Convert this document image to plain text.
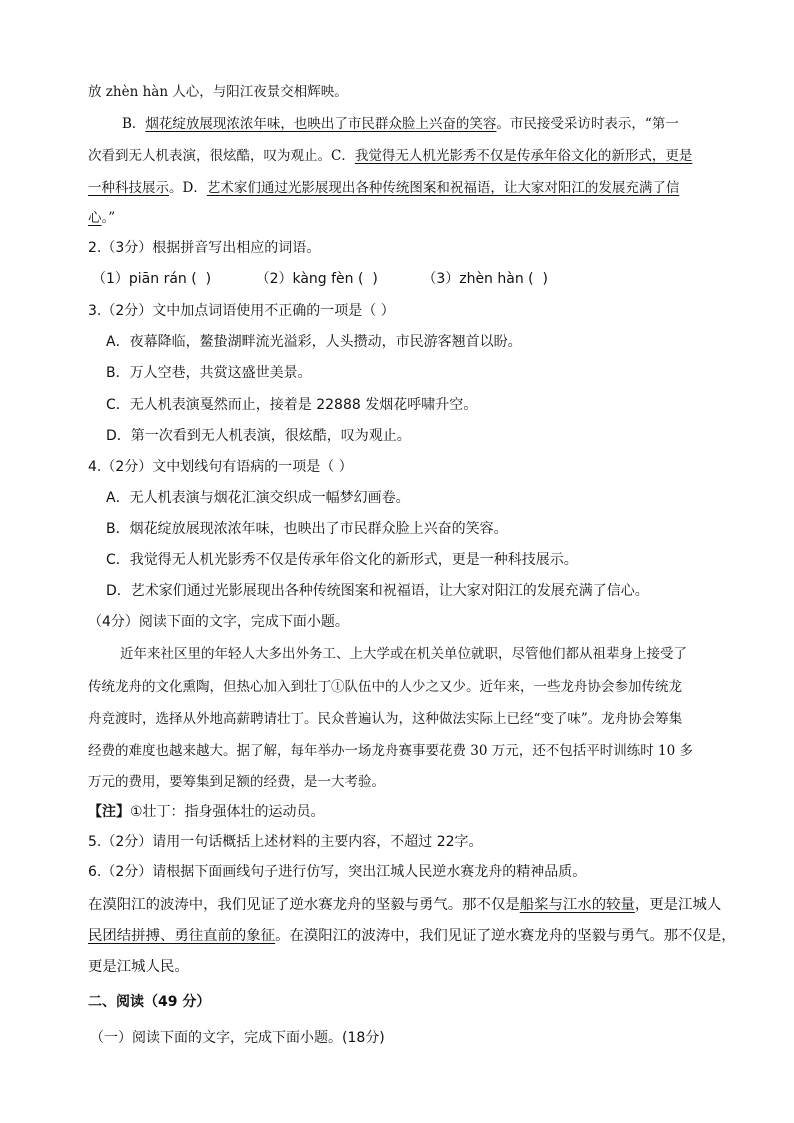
放 zhèn hàn 人心，与阳江夜景交相辉映。
B．烟花绽放展现浓浓年味，也映出了市民群众脸上兴奋的笑容。市民接受采访时表示，“第一
次看到无人机表演，很炫酷，叹为观止。C．我觉得无人机光影秀不仅是传承年俗文化的新形式，更是
一种科技展示。D．艺术家们通过光影展现出各种传统图案和祝福语，让大家对阳江的发展充满了信
心。”
2.（3分）根据拼音写出相应的词语。
（1）piān rán (  )          （2）kàng fèn (  )          （3）zhèn hàn (  )
3.（2分）文中加点词语使用不正确的一项是（ ）
A．夜幕降临，鳌蛰湖畔流光溢彩，人头攒动，市民游客翘首以盼。
B．万人空巷，共赏这盛世美景。
C．无人机表演戛然而止，接着是 22888 发烟花呼啸升空。
D．第一次看到无人机表演，很炫酷，叹为观止。
4.（2分）文中划线句有语病的一项是（ ）
A．无人机表演与烟花汇演交织成一幅梦幻画卷。
B．烟花绽放展现浓浓年味，也映出了市民群众脸上兴奋的笑容。
C．我觉得无人机光影秀不仅是传承年俗文化的新形式，更是一种科技展示。
D．艺术家们通过光影展现出各种传统图案和祝福语，让大家对阳江的发展充满了信心。
（4分）阅读下面的文字，完成下面小题。
近年来社区里的年轻人大多出外务工、上大学或在机关单位就职，尽管他们都从祖辈身上接受了
传统龙舟的文化熏陶，但热心加入到壮丁①队伍中的人少之又少。近年来，一些龙舟协会参加传统龙
舟竞渡时，选择从外地高薪聘请壮丁。民众普遍认为，这种做法实际上已经“变了味”。龙舟协会筹集
经费的难度也越来越大。据了解，每年举办一场龙舟赛事要花费 30 万元，还不包括平时训练时 10 多
万元的费用，要筹集到足额的经费，是一大考验。
【注】①壮丁：指身强体壮的运动员。
5.（2分）请用一句话概括上述材料的主要内容，不超过 22字。
6.（2分）请根据下面画线句子进行仿写，突出江城人民逆水赛龙舟的精神品质。
在漠阳江的波涛中，我们见证了逆水赛龙舟的坚毅与勇气。那不仅是船桨与江水的较量，更是江城人
民团结拼搏、勇往直前的象征。在漠阳江的波涛中，我们见证了逆水赛龙舟的坚毅与勇气。那不仅是，
更是江城人民。
二、阅读（49 分）
（一）阅读下面的文字，完成下面小题。(18分)
